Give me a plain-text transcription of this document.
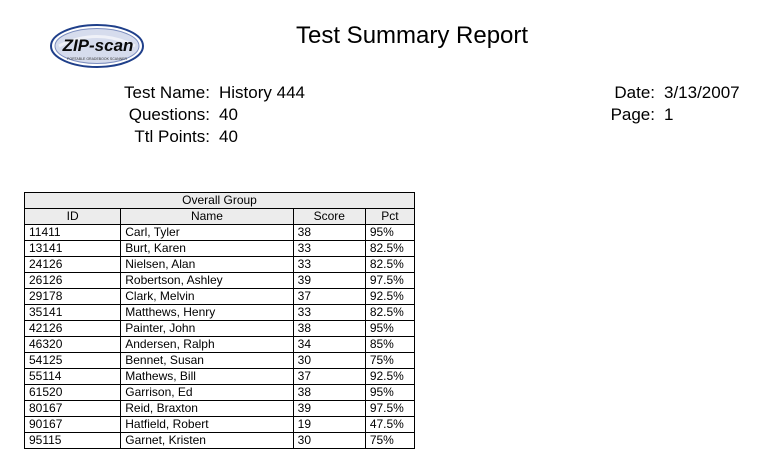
ZIP-scan
PORTABLE GRADEBOOK SCANNER
Test Summary Report
Test Name: History 444
Questions: 40
Ttl Points: 40
Date: 3/13/2007
Page: 1
Overall Group			
ID	Name	Score	Pct
11411	Carl, Tyler	38	95%
13141	Burt, Karen	33	82.5%
24126	Nielsen, Alan	33	82.5%
26126	Robertson, Ashley	39	97.5%
29178	Clark, Melvin	37	92.5%
35141	Matthews, Henry	33	82.5%
42126	Painter, John	38	95%
46320	Andersen, Ralph	34	85%
54125	Bennet, Susan	30	75%
55114	Mathews, Bill	37	92.5%
61520	Garrison, Ed	38	95%
80167	Reid, Braxton	39	97.5%
90167	Hatfield, Robert	19	47.5%
95115	Garnet, Kristen	30	75%
